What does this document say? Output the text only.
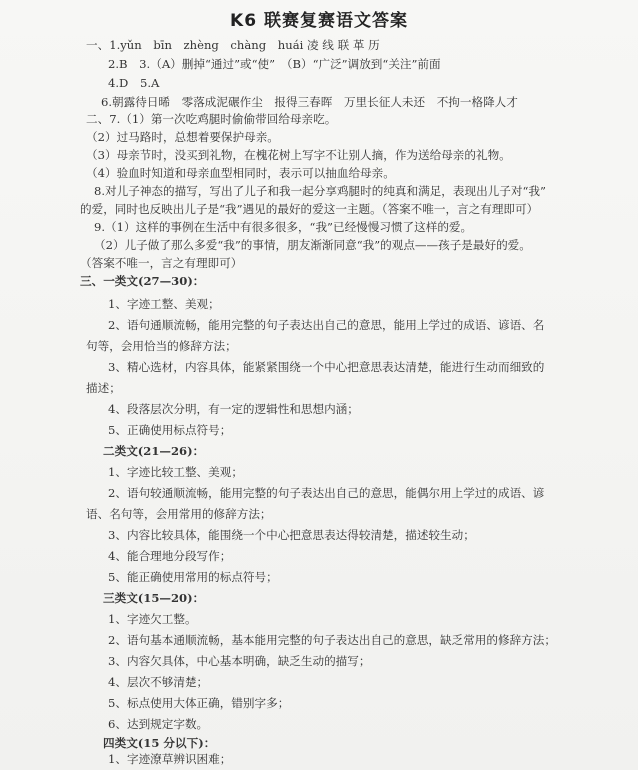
K6 联赛复赛语文答案
一、1.yǔn　bīn　zhèng　chàng　huái 凌 线 联 革 历
2.B　3.（A）删掉“通过”或“使”　（B）“广泛”调放到“关注”前面
4.D　5.A
6.朝露待日晞　零落成泥碾作尘　报得三春晖　万里长征人未还　不拘一格降人才
二、7.（1）第一次吃鸡腿时偷偷带回给母亲吃。
（2）过马路时，总想着要保护母亲。
（3）母亲节时，没买到礼物，在槐花树上写字不让别人摘，作为送给母亲的礼物。
（4）验血时知道和母亲血型相同时，表示可以抽血给母亲。
8.对儿子神态的描写，写出了儿子和我一起分享鸡腿时的纯真和满足，表现出儿子对“我”
的爱，同时也反映出儿子是“我”遇见的最好的爱这一主题。（答案不唯一，言之有理即可）
9.（1）这样的事例在生活中有很多很多，“我”已经慢慢习惯了这样的爱。
（2）儿子做了那么多爱“我”的事情，朋友渐渐同意“我”的观点——孩子是最好的爱。
（答案不唯一，言之有理即可）
三、一类文(27—30)：
1、字迹工整、美观；
2、语句通顺流畅，能用完整的句子表达出自己的意思，能用上学过的成语、谚语、名
句等，会用恰当的修辞方法；
3、精心选材，内容具体，能紧紧围绕一个中心把意思表达清楚，能进行生动而细致的
描述；
4、段落层次分明，有一定的逻辑性和思想内涵；
5、正确使用标点符号；
二类文(21—26)：
1、字迹比较工整、美观；
2、语句较通顺流畅，能用完整的句子表达出自己的意思，能偶尔用上学过的成语、谚
语、名句等，会用常用的修辞方法；
3、内容比较具体，能围绕一个中心把意思表达得较清楚，描述较生动；
4、能合理地分段写作；
5、能正确使用常用的标点符号；
三类文(15—20)：
1、字迹欠工整。
2、语句基本通顺流畅，基本能用完整的句子表达出自己的意思，缺乏常用的修辞方法；
3、内容欠具体，中心基本明确，缺乏生动的描写；
4、层次不够清楚；
5、标点使用大体正确，错别字多；
6、达到规定字数。
四类文(15 分以下)：
1、字迹潦草辨识困难；
